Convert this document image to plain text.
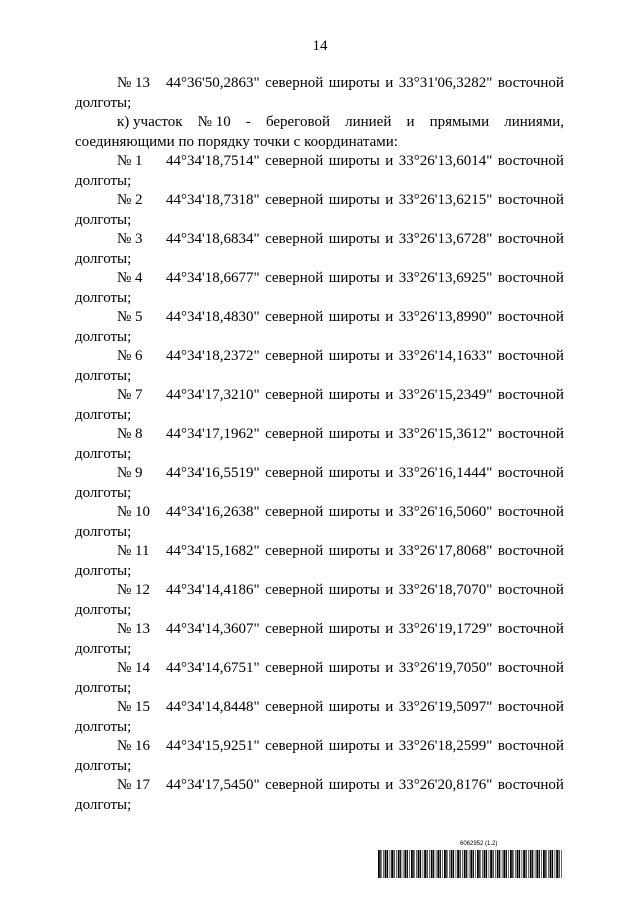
14
№ 13	44°36'50,2863" северной широты и 33°31'06,3282" восточной
долготы;
к) участок № 10 - береговой линией и прямыми линиями,
соединяющими по порядку точки с координатами:
№ 1	44°34'18,7514" северной широты и 33°26'13,6014" восточной
долготы;
№ 2	44°34'18,7318" северной широты и 33°26'13,6215" восточной
долготы;
№ 3	44°34'18,6834" северной широты и 33°26'13,6728" восточной
долготы;
№ 4	44°34'18,6677" северной широты и 33°26'13,6925" восточной
долготы;
№ 5	44°34'18,4830" северной широты и 33°26'13,8990" восточной
долготы;
№ 6	44°34'18,2372" северной широты и 33°26'14,1633" восточной
долготы;
№ 7	44°34'17,3210" северной широты и 33°26'15,2349" восточной
долготы;
№ 8	44°34'17,1962" северной широты и 33°26'15,3612" восточной
долготы;
№ 9	44°34'16,5519" северной широты и 33°26'16,1444" восточной
долготы;
№ 10	44°34'16,2638" северной широты и 33°26'16,5060" восточной
долготы;
№ 11	44°34'15,1682" северной широты и 33°26'17,8068" восточной
долготы;
№ 12	44°34'14,4186" северной широты и 33°26'18,7070" восточной
долготы;
№ 13	44°34'14,3607" северной широты и 33°26'19,1729" восточной
долготы;
№ 14	44°34'14,6751" северной широты и 33°26'19,7050" восточной
долготы;
№ 15	44°34'14,8448" северной широты и 33°26'19,5097" восточной
долготы;
№ 16	44°34'15,9251" северной широты и 33°26'18,2599" восточной
долготы;
№ 17	44°34'17,5450" северной широты и 33°26'20,8176" восточной
долготы;
6062952 (1.2)
